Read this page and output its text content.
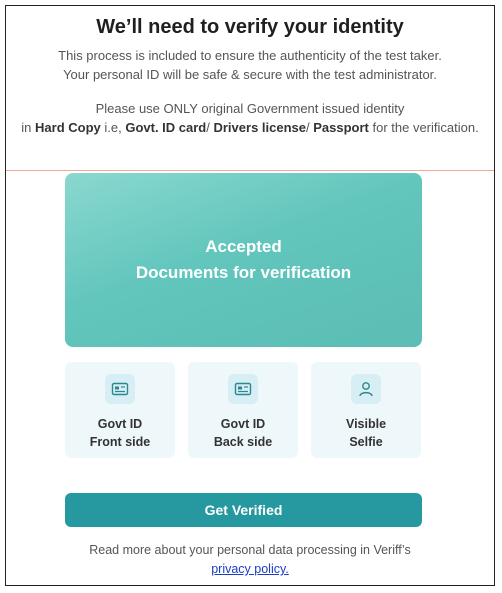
We’ll need to verify your identity
This process is included to ensure the authenticity of the test taker.
Your personal ID will be safe & secure with the test administrator.
Please use ONLY original Government issued identity
in Hard Copy i.e, Govt. ID card/ Drivers license/ Passport for the verification.
Accepted
Documents for verification
Govt ID
Front side
Govt ID
Back side
Visible
Selfie
Get Verified
Read more about your personal data processing in Veriff’s
privacy policy.
